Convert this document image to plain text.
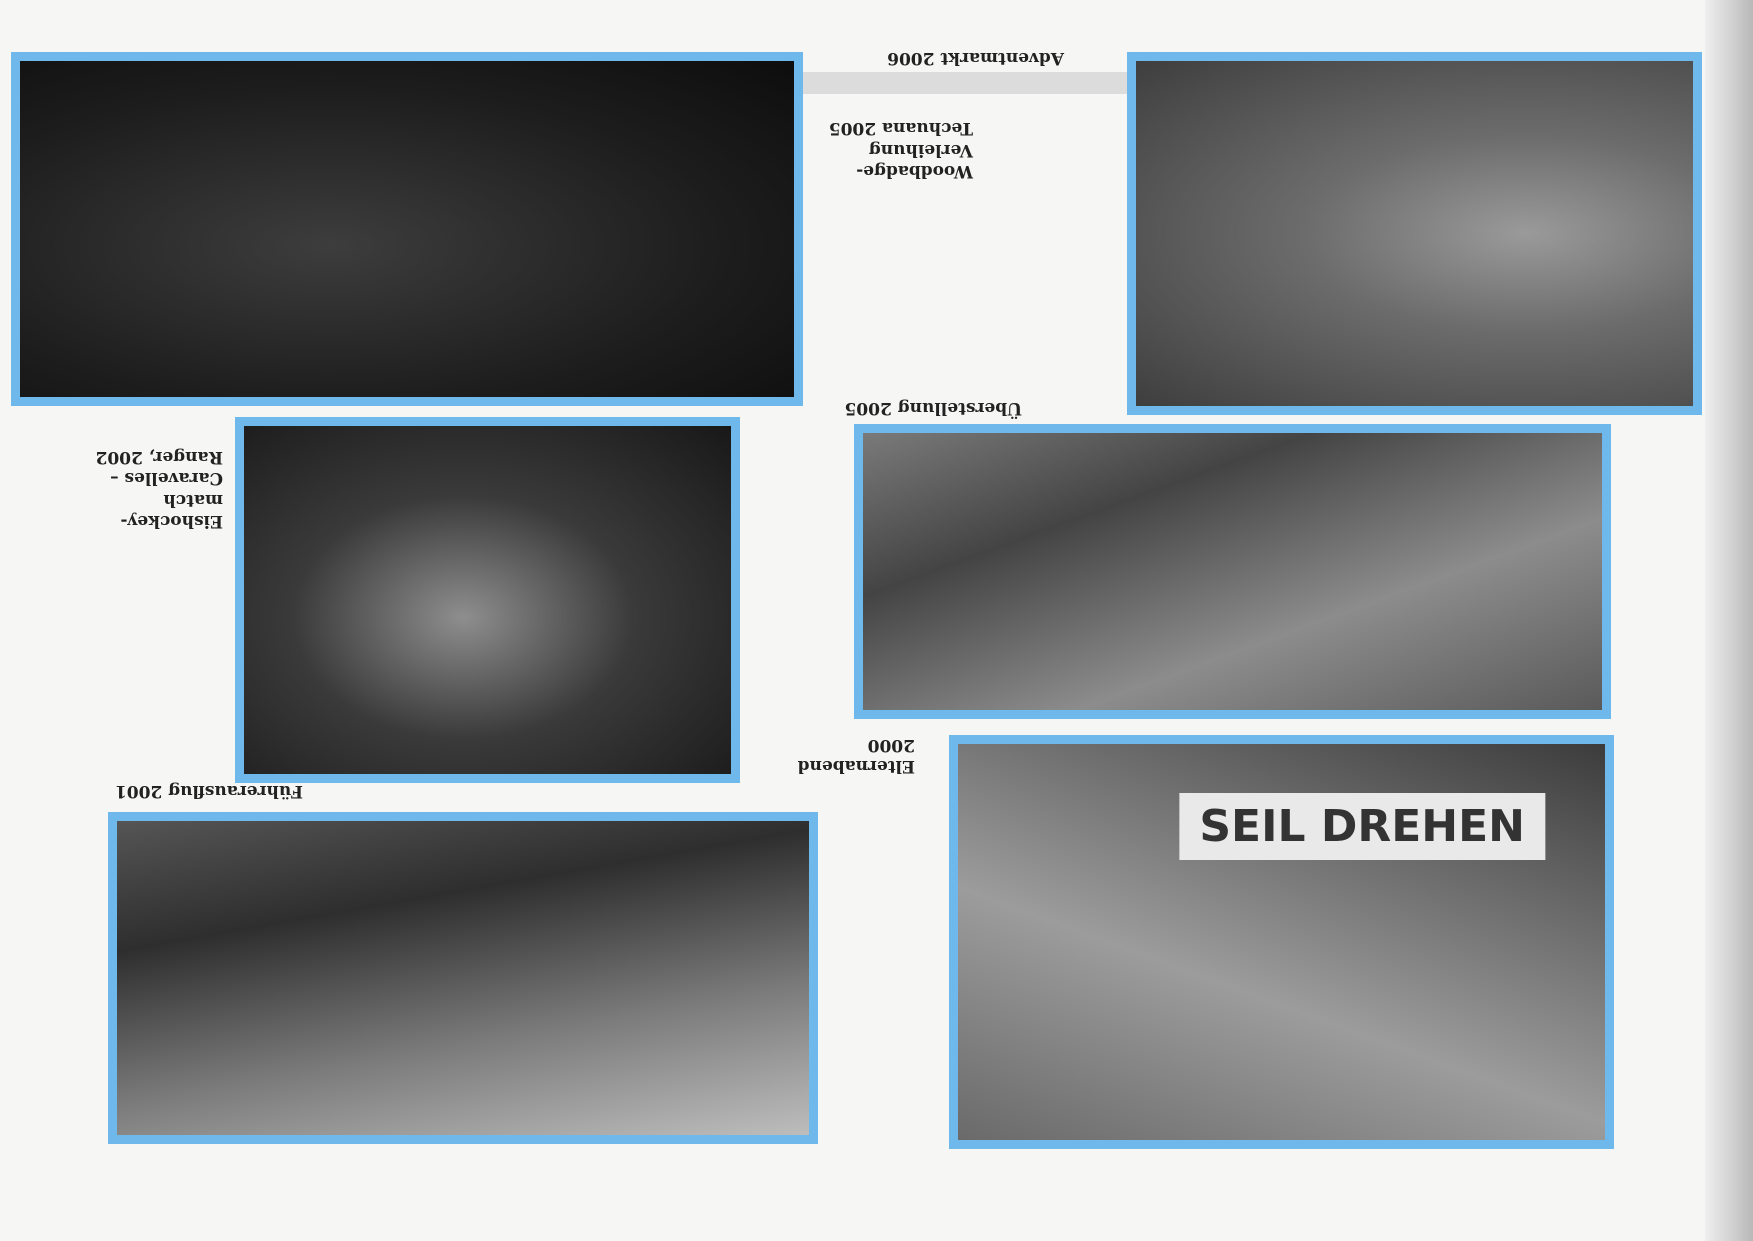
Adventmarkt 2006
Woodbadge-
Verleihung
Techuana 2005
Überstellung 2005
Eishockey-
match
Caravelles –
Ranger, 2002
SEIL DREHEN
Elternabend
2000
Führerausflug 2001
